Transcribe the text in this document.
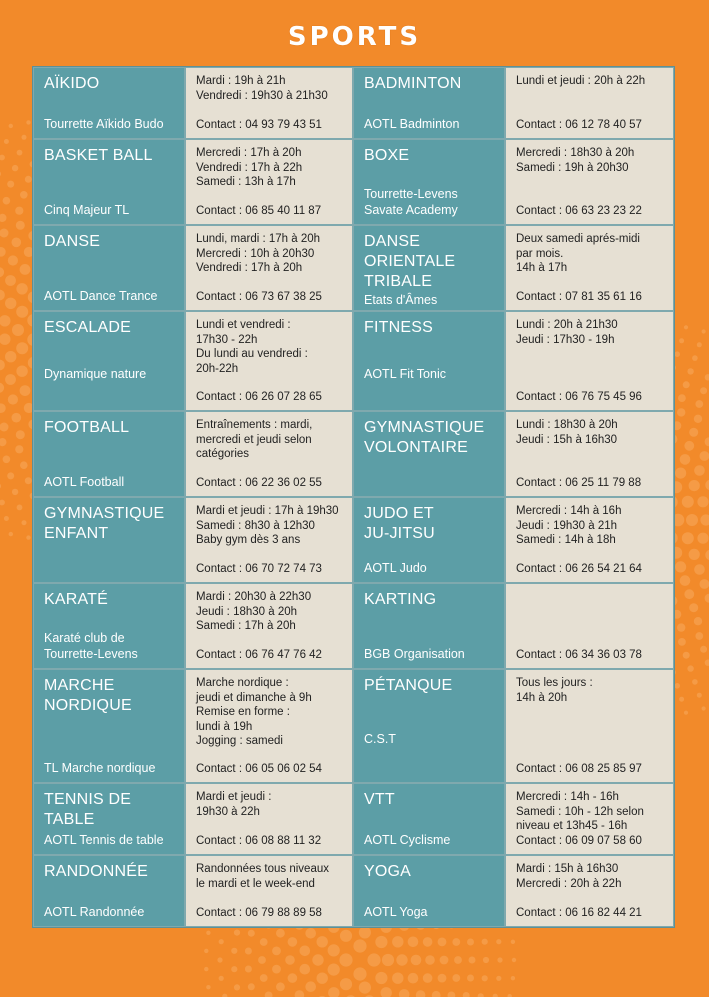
SPORTS
AÏKIDO
Tourrette Aïkido Budo
Mardi : 19h à 21h
Vendredi : 19h30 à 21h30
Contact : 04 93 79 43 51
BADMINTON
AOTL Badminton
Lundi et jeudi : 20h à 22h
Contact : 06 12 78 40 57
BASKET BALL
Cinq Majeur TL
Mercredi : 17h à 20h
Vendredi : 17h à 22h
Samedi : 13h à 17h
Contact : 06 85 40 11 87
BOXE
Tourrette-Levens
Savate Academy
Mercredi : 18h30 à 20h
Samedi : 19h à 20h30
Contact : 06 63 23 23 22
DANSE
AOTL Dance Trance
Lundi, mardi : 17h à 20h
Mercredi : 10h à 20h30
Vendredi : 17h à 20h
Contact : 06 73 67 38 25
DANSE
ORIENTALE
TRIBALE
Etats d'Âmes
Deux samedi aprés-midi
par mois.
14h à 17h
Contact : 07 81 35 61 16
ESCALADE
Dynamique nature
Lundi et vendredi :
17h30 - 22h
Du lundi au vendredi :
20h-22h
Contact : 06 26 07 28 65
FITNESS
AOTL Fit Tonic
Lundi : 20h à 21h30
Jeudi : 17h30 - 19h
Contact : 06 76 75 45 96
FOOTBALL
AOTL Football
Entraînements : mardi,
mercredi et jeudi selon
catégories
Contact : 06 22 36 02 55
GYMNASTIQUE
VOLONTAIRE
Lundi : 18h30 à 20h
Jeudi : 15h à 16h30
Contact : 06 25 11 79 88
GYMNASTIQUE
ENFANT
Mardi et jeudi : 17h à 19h30
Samedi : 8h30 à 12h30
Baby gym dès 3 ans
Contact : 06 70 72 74 73
JUDO ET
JU-JITSU
AOTL Judo
Mercredi : 14h à 16h
Jeudi : 19h30 à 21h
Samedi : 14h à 18h
Contact : 06 26 54 21 64
KARATÉ
Karaté club de
Tourrette-Levens
Mardi : 20h30 à 22h30
Jeudi : 18h30 à 20h
Samedi : 17h à 20h
Contact : 06 76 47 76 42
KARTING
BGB Organisation	Contact : 06 34 36 03 78
MARCHE
NORDIQUE
TL Marche nordique
Marche nordique :
jeudi et dimanche à 9h
Remise en forme :
lundi à 19h
Jogging : samedi
Contact : 06 05 06 02 54
PÉTANQUE
C.S.T
Tous les jours :
14h à 20h
Contact : 06 08 25 85 97
TENNIS DE
TABLE
AOTL Tennis de table
Mardi et jeudi :
19h30 à 22h
Contact : 06 08 88 11 32
VTT
AOTL Cyclisme
Mercredi : 14h - 16h
Samedi : 10h - 12h selon
niveau et 13h45 - 16h
Contact : 06 09 07 58 60
RANDONNÉE
AOTL Randonnée
Randonnées tous niveaux
le mardi et le week-end
Contact : 06 79 88 89 58
YOGA
AOTL Yoga
Mardi : 15h à 16h30
Mercredi : 20h à 22h
Contact : 06 16 82 44 21
